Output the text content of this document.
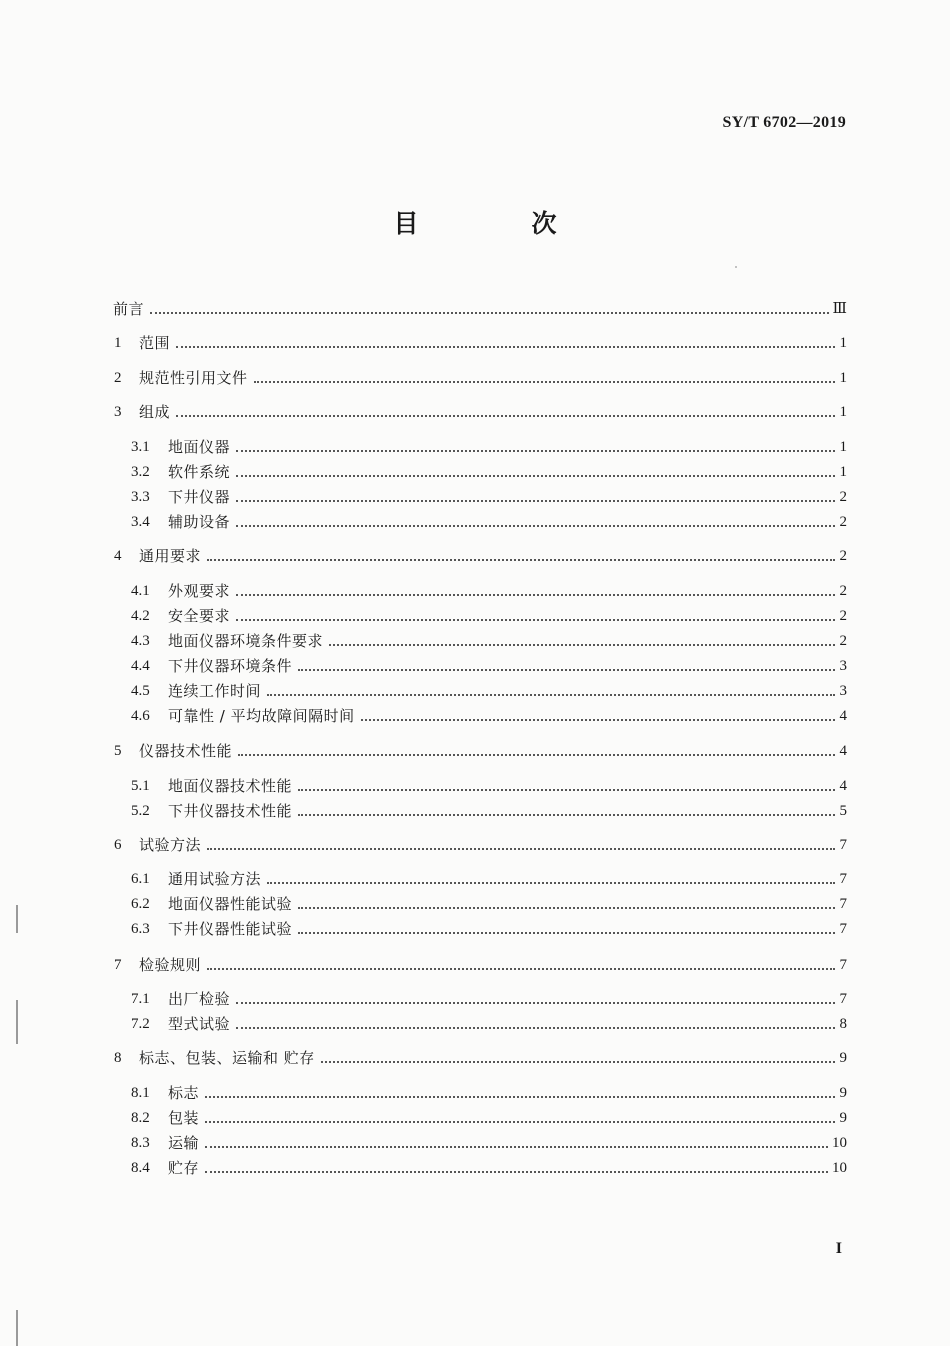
SY/T 6702—2019
目　次
前言	Ⅲ
1	范围	1
2	规范性引用文件	1
3	组成	1
3.1	地面仪器	1
3.2	软件系统	1
3.3	下井仪器	2
3.4	辅助设备	2
4	通用要求	2
4.1	外观要求	2
4.2	安全要求	2
4.3	地面仪器环境条件要求	2
4.4	下井仪器环境条件	3
4.5	连续工作时间	3
4.6	可靠性 / 平均故障间隔时间	4
5	仪器技术性能	4
5.1	地面仪器技术性能	4
5.2	下井仪器技术性能	5
6	试验方法	7
6.1	通用试验方法	7
6.2	地面仪器性能试验	7
6.3	下井仪器性能试验	7
7	检验规则	7
7.1	出厂检验	7
7.2	型式试验	8
8	标志、包装、运输和 贮存	9
8.1	标志	9
8.2	包装	9
8.3	运输	10
8.4	贮存	10
I
